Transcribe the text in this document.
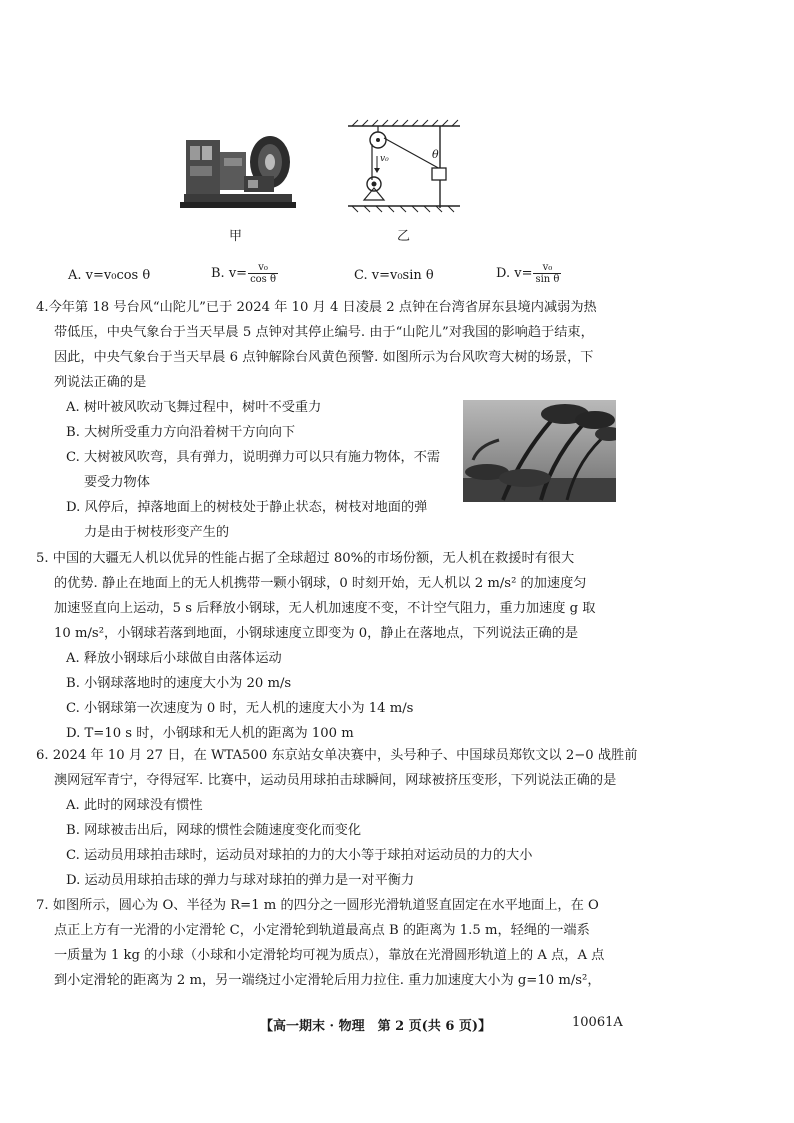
甲
v₀	θ
乙
A. v=v₀cos θ	B. $v= \frac{\text{v₀}}{\text{cos θ}}$	C. v=v₀sin θ	D. $v= \frac{\text{v₀}}{\text{sin θ}}$

4.今年第 18 号台风“山陀儿”已于 2024 年 10 月 4 日凌晨 2 点钟在台湾省屏东县境内减弱为热

带低压，中央气象台于当天早晨 5 点钟对其停止编号. 由于“山陀儿”对我国的影响趋于结束，

因此，中央气象台于当天早晨 6 点钟解除台风黄色预警. 如图所示为台风吹弯大树的场景，下

列说法正确的是

A. 树叶被风吹动飞舞过程中，树叶不受重力

B. 大树所受重力方向沿着树干方向向下

C. 大树被风吹弯，具有弹力，说明弹力可以只有施力物体，不需

要受力物体

D. 风停后，掉落地面上的树枝处于静止状态，树枝对地面的弹

力是由于树枝形变产生的

5. 中国的大疆无人机以优异的性能占据了全球超过 80%的市场份额，无人机在救援时有很大

的优势. 静止在地面上的无人机携带一颗小钢球，0 时刻开始，无人机以 2 m/s² 的加速度匀

加速竖直向上运动，5 s 后释放小钢球，无人机加速度不变，不计空气阻力，重力加速度 g 取

10 m/s²，小钢球若落到地面，小钢球速度立即变为 0，静止在落地点，下列说法正确的是

A. 释放小钢球后小球做自由落体运动

B. 小钢球落地时的速度大小为 20 m/s

C. 小钢球第一次速度为 0 时，无人机的速度大小为 14 m/s

D. T=10 s 时，小钢球和无人机的距离为 100 m

6. 2024 年 10 月 27 日，在 WTA500 东京站女单决赛中，头号种子、中国球员郑钦文以 2−0 战胜前

澳网冠军青宁，夺得冠军. 比赛中，运动员用球拍击球瞬间，网球被挤压变形，下列说法正确的是

A. 此时的网球没有惯性

B. 网球被击出后，网球的惯性会随速度变化而变化

C. 运动员用球拍击球时，运动员对球拍的力的大小等于球拍对运动员的力的大小

D. 运动员用球拍击球的弹力与球对球拍的弹力是一对平衡力

7. 如图所示，圆心为 O、半径为 R=1 m 的四分之一圆形光滑轨道竖直固定在水平地面上，在 O

点正上方有一光滑的小定滑轮 C，小定滑轮到轨道最高点 B 的距离为 1.5 m，轻绳的一端系

一质量为 1 kg 的小球（小球和小定滑轮均可视为质点），靠放在光滑圆形轨道上的 A 点，A 点

到小定滑轮的距离为 2 m，另一端绕过小定滑轮后用力拉住. 重力加速度大小为 g=10 m/s²，

【高一期末 · 物理　第 2 页(共 6 页)】	10061A
